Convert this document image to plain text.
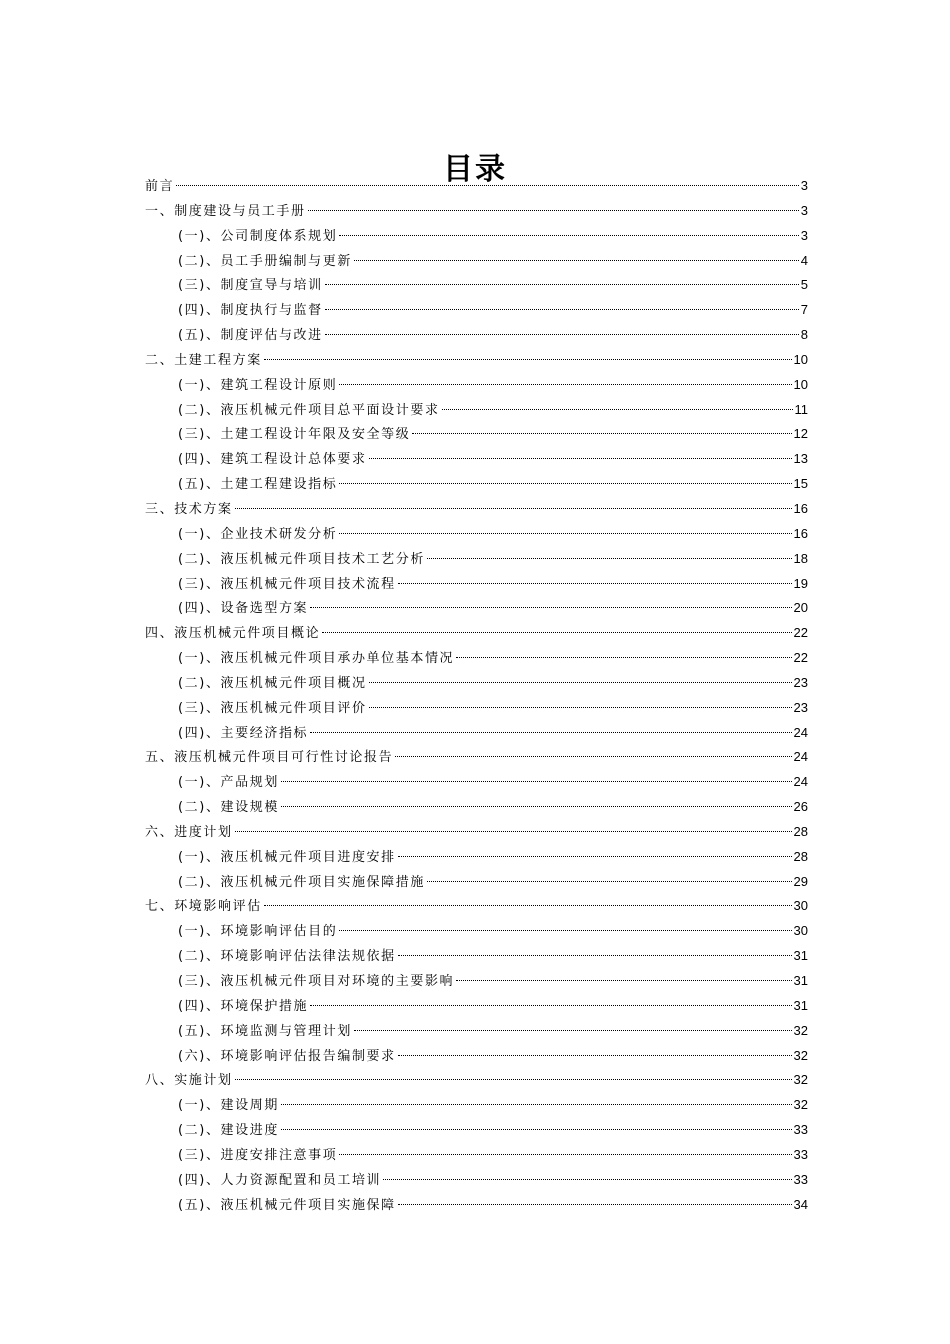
目录
前言	3
一、制度建设与员工手册	3
(一)、公司制度体系规划	3
(二)、员工手册编制与更新	4
(三)、制度宣导与培训	5
(四)、制度执行与监督	7
(五)、制度评估与改进	8
二、土建工程方案	10
(一)、建筑工程设计原则	10
(二)、液压机械元件项目总平面设计要求	11
(三)、土建工程设计年限及安全等级	12
(四)、建筑工程设计总体要求	13
(五)、土建工程建设指标	15
三、技术方案	16
(一)、企业技术研发分析	16
(二)、液压机械元件项目技术工艺分析	18
(三)、液压机械元件项目技术流程	19
(四)、设备选型方案	20
四、液压机械元件项目概论	22
(一)、液压机械元件项目承办单位基本情况	22
(二)、液压机械元件项目概况	23
(三)、液压机械元件项目评价	23
(四)、主要经济指标	24
五、液压机械元件项目可行性讨论报告	24
(一)、产品规划	24
(二)、建设规模	26
六、进度计划	28
(一)、液压机械元件项目进度安排	28
(二)、液压机械元件项目实施保障措施	29
七、环境影响评估	30
(一)、环境影响评估目的	30
(二)、环境影响评估法律法规依据	31
(三)、液压机械元件项目对环境的主要影响	31
(四)、环境保护措施	31
(五)、环境监测与管理计划	32
(六)、环境影响评估报告编制要求	32
八、实施计划	32
(一)、建设周期	32
(二)、建设进度	33
(三)、进度安排注意事项	33
(四)、人力资源配置和员工培训	33
(五)、液压机械元件项目实施保障	34
